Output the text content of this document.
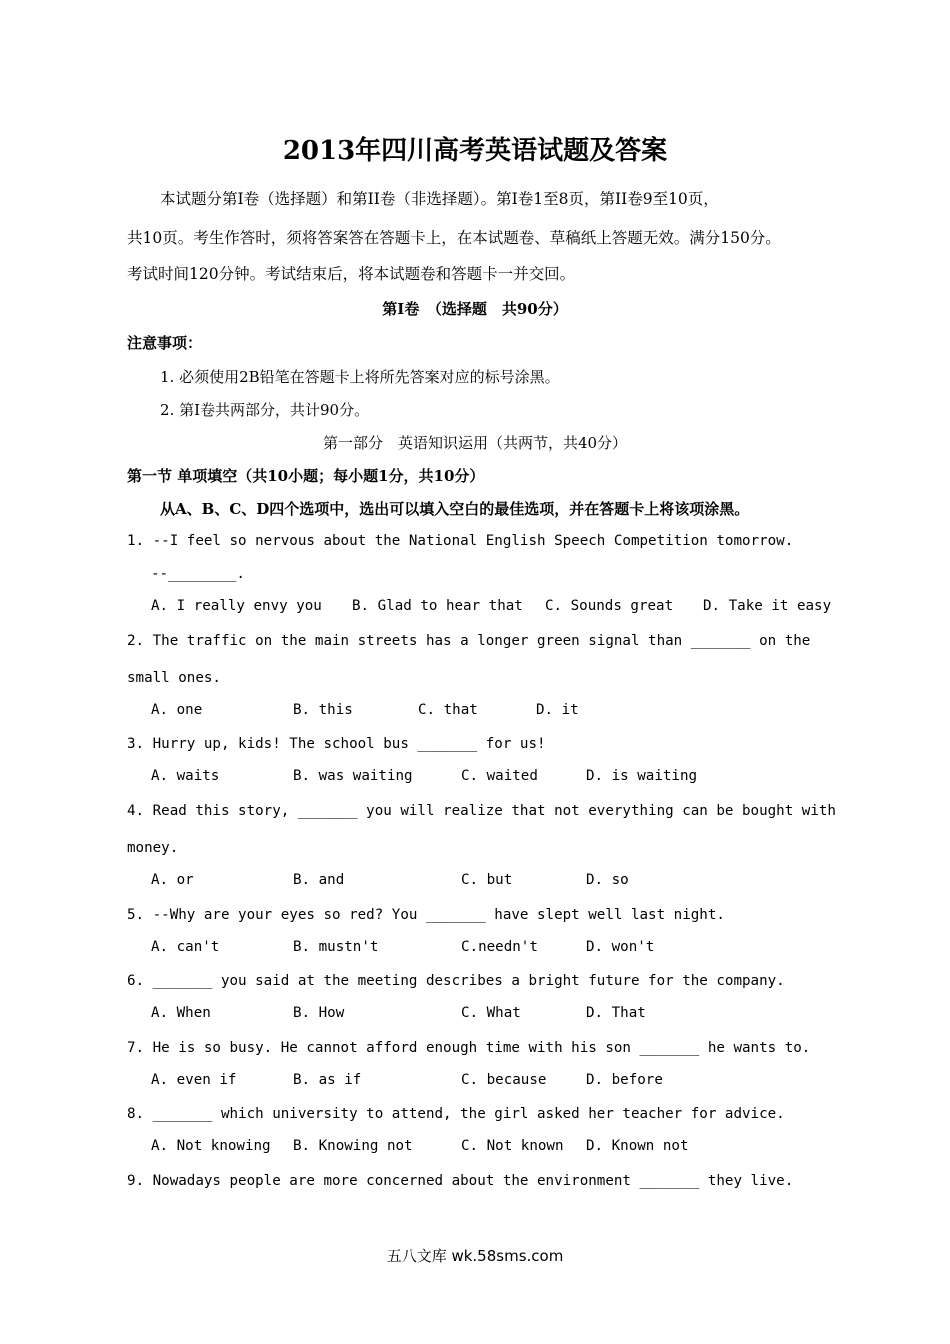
2013年四川高考英语试题及答案
本试题分第Ⅰ卷（选择题）和第II卷（非选择题）。第Ⅰ卷1至8页，第II卷9至10页，
共10页。考生作答时，须将答案答在答题卡上，在本试题卷、草稿纸上答题无效。满分150分。
考试时间120分钟。考试结束后，将本试题卷和答题卡一并交回。
第Ⅰ卷　（选择题　共90分）
注意事项：
1. 必须使用2B铅笔在答题卡上将所先答案对应的标号涂黑。
2. 第Ⅰ卷共两部分，共计90分。
第一部分　英语知识运用（共两节，共40分）
第一节 单项填空（共10小题；每小题1分，共10分）
从A、B、C、D四个选项中，选出可以填入空白的最佳选项，并在答题卡上将该项涂黑。
1. --I feel so nervous about the National English Speech Competition tomorrow.
--________.
A. I really envy you B. Glad to hear that C. Sounds great D. Take it easy
2. The traffic on the main streets has a longer green signal than _______ on the
small ones.
A. one	B. this	C. that	D. it
3. Hurry up, kids! The school bus _______ for us!
A. waits	B. was waiting	C. waited	D. is waiting
4. Read this story, _______ you will realize that not everything can be bought with
money.
A. or	B. and	C. but	D. so
5. --Why are your eyes so red? You _______ have slept well last night.
A. can't	B. mustn't	C.needn't	D. won't
6. _______ you said at the meeting describes a bright future for the company.
A. When	B. How	C. What	D. That
7. He is so busy. He cannot afford enough time with his son _______ he wants to.
A. even if	B. as if	C. because	D. before
8. _______ which university to attend, the girl asked her teacher for advice.
A. Not knowing B. Knowing not	C. Not known D. Known not
9. Nowadays people are more concerned about the environment _______ they live.
五八文库 wk.58sms.com
